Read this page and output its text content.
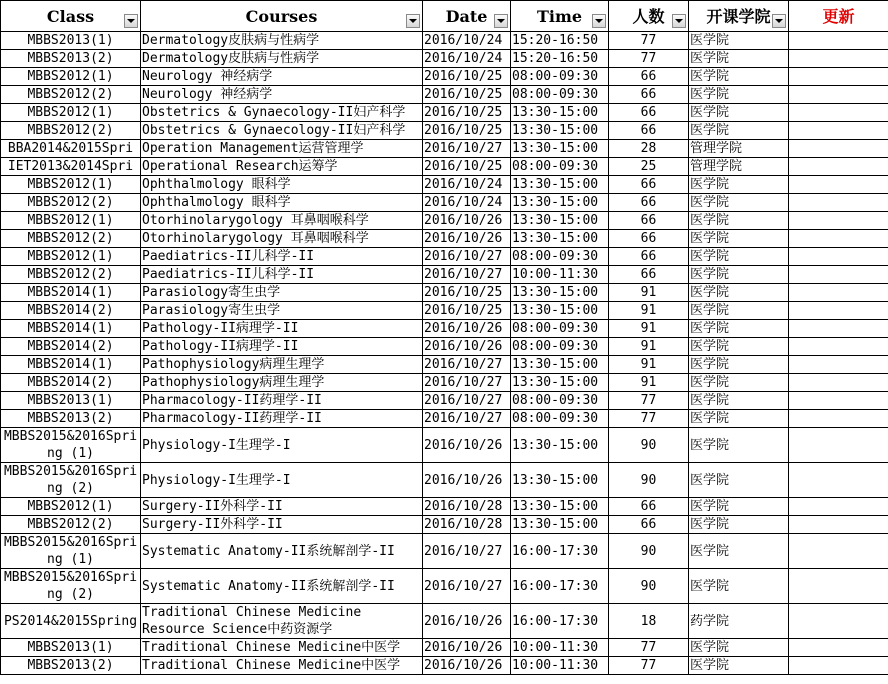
Class	Courses	Date	Time	人数	开课学院	更新
MBBS2013(1)	Dermatology皮肤病与性病学	2016/10/24	15:20-16:50	77	医学院	
MBBS2013(2)	Dermatology皮肤病与性病学	2016/10/24	15:20-16:50	77	医学院	
MBBS2012(1)	Neurology 神经病学	2016/10/25	08:00-09:30	66	医学院	
MBBS2012(2)	Neurology 神经病学	2016/10/25	08:00-09:30	66	医学院	
MBBS2012(1)	Obstetrics & Gynaecology-II妇产科学	2016/10/25	13:30-15:00	66	医学院	
MBBS2012(2)	Obstetrics & Gynaecology-II妇产科学	2016/10/25	13:30-15:00	66	医学院	
BBA2014&2015Spri	Operation Management运营管理学	2016/10/27	13:30-15:00	28	管理学院	
IET2013&2014Spri	Operational Research运筹学	2016/10/25	08:00-09:30	25	管理学院	
MBBS2012(1)	Ophthalmology 眼科学	2016/10/24	13:30-15:00	66	医学院	
MBBS2012(2)	Ophthalmology 眼科学	2016/10/24	13:30-15:00	66	医学院	
MBBS2012(1)	Otorhinolarygology 耳鼻咽喉科学	2016/10/26	13:30-15:00	66	医学院	
MBBS2012(2)	Otorhinolarygology 耳鼻咽喉科学	2016/10/26	13:30-15:00	66	医学院	
MBBS2012(1)	Paediatrics-II儿科学-II	2016/10/27	08:00-09:30	66	医学院	
MBBS2012(2)	Paediatrics-II儿科学-II	2016/10/27	10:00-11:30	66	医学院	
MBBS2014(1)	Parasiology寄生虫学	2016/10/25	13:30-15:00	91	医学院	
MBBS2014(2)	Parasiology寄生虫学	2016/10/25	13:30-15:00	91	医学院	
MBBS2014(1)	Pathology-II病理学-II	2016/10/26	08:00-09:30	91	医学院	
MBBS2014(2)	Pathology-II病理学-II	2016/10/26	08:00-09:30	91	医学院	
MBBS2014(1)	Pathophysiology病理生理学	2016/10/27	13:30-15:00	91	医学院	
MBBS2014(2)	Pathophysiology病理生理学	2016/10/27	13:30-15:00	91	医学院	
MBBS2013(1)	Pharmacology-II药理学-II	2016/10/27	08:00-09:30	77	医学院	
MBBS2013(2)	Pharmacology-II药理学-II	2016/10/27	08:00-09:30	77	医学院	
MBBS2015&2016Spring (1)	Physiology-I生理学-I	2016/10/26	13:30-15:00	90	医学院	
MBBS2015&2016Spring (2)	Physiology-I生理学-I	2016/10/26	13:30-15:00	90	医学院	
MBBS2012(1)	Surgery-II外科学-II	2016/10/28	13:30-15:00	66	医学院	
MBBS2012(2)	Surgery-II外科学-II	2016/10/28	13:30-15:00	66	医学院	
MBBS2015&2016Spring (1)	Systematic Anatomy-II系统解剖学-II	2016/10/27	16:00-17:30	90	医学院	
MBBS2015&2016Spring (2)	Systematic Anatomy-II系统解剖学-II	2016/10/27	16:00-17:30	90	医学院	
PS2014&2015Spring	Traditional Chinese Medicine Resource Science中药资源学	2016/10/26	16:00-17:30	18	药学院	
MBBS2013(1)	Traditional Chinese Medicine中医学	2016/10/26	10:00-11:30	77	医学院	
MBBS2013(2)	Traditional Chinese Medicine中医学	2016/10/26	10:00-11:30	77	医学院	
